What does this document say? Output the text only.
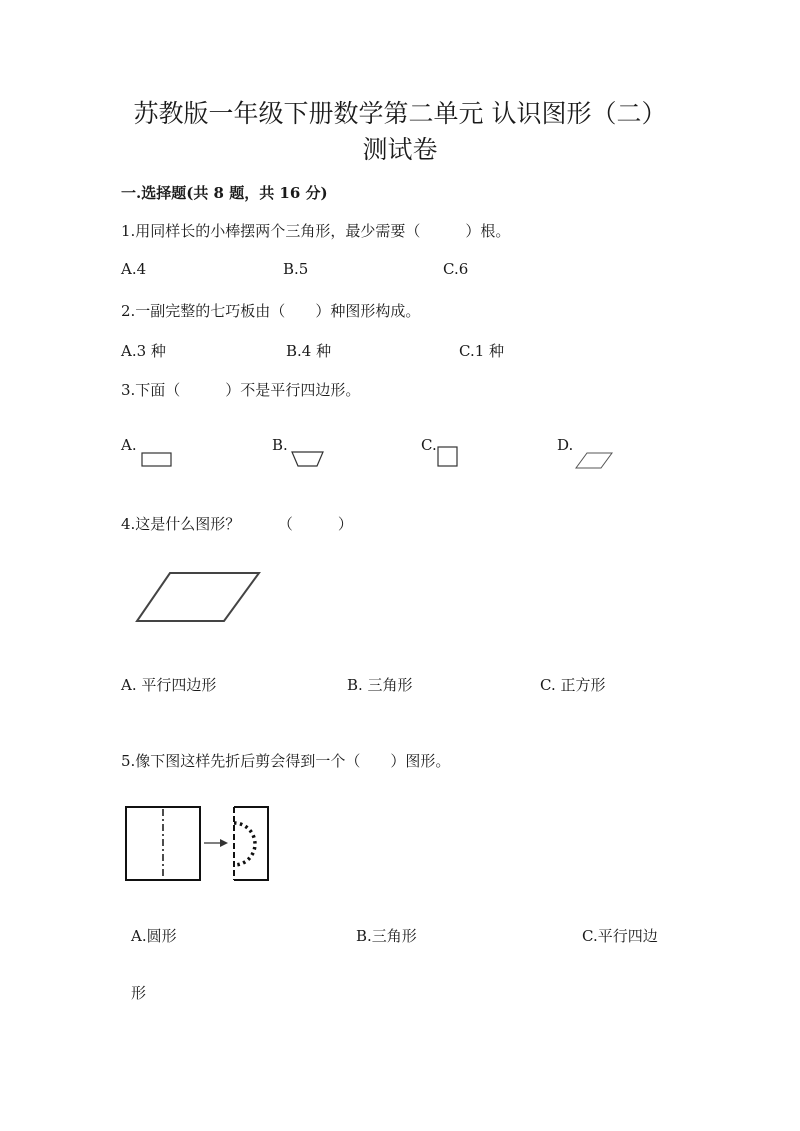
苏教版一年级下册数学第二单元 认识图形（二）
测试卷
一.选择题(共 8 题，共 16 分)
1.用同样长的小棒摆两个三角形，最少需要（　　　）根。
A.4	B.5	C.6
2.一副完整的七巧板由（　　）种图形构成。
A.3 种	B.4 种	C.1 种
3.下面（　　　）不是平行四边形。
A.	B.	C.	D.
4.这是什么图形？　　　（　　　）
A. 平行四边形	B. 三角形	C. 正方形
5.像下图这样先折后剪会得到一个（　　）图形。
A.圆形	B.三角形	C.平行四边
形
